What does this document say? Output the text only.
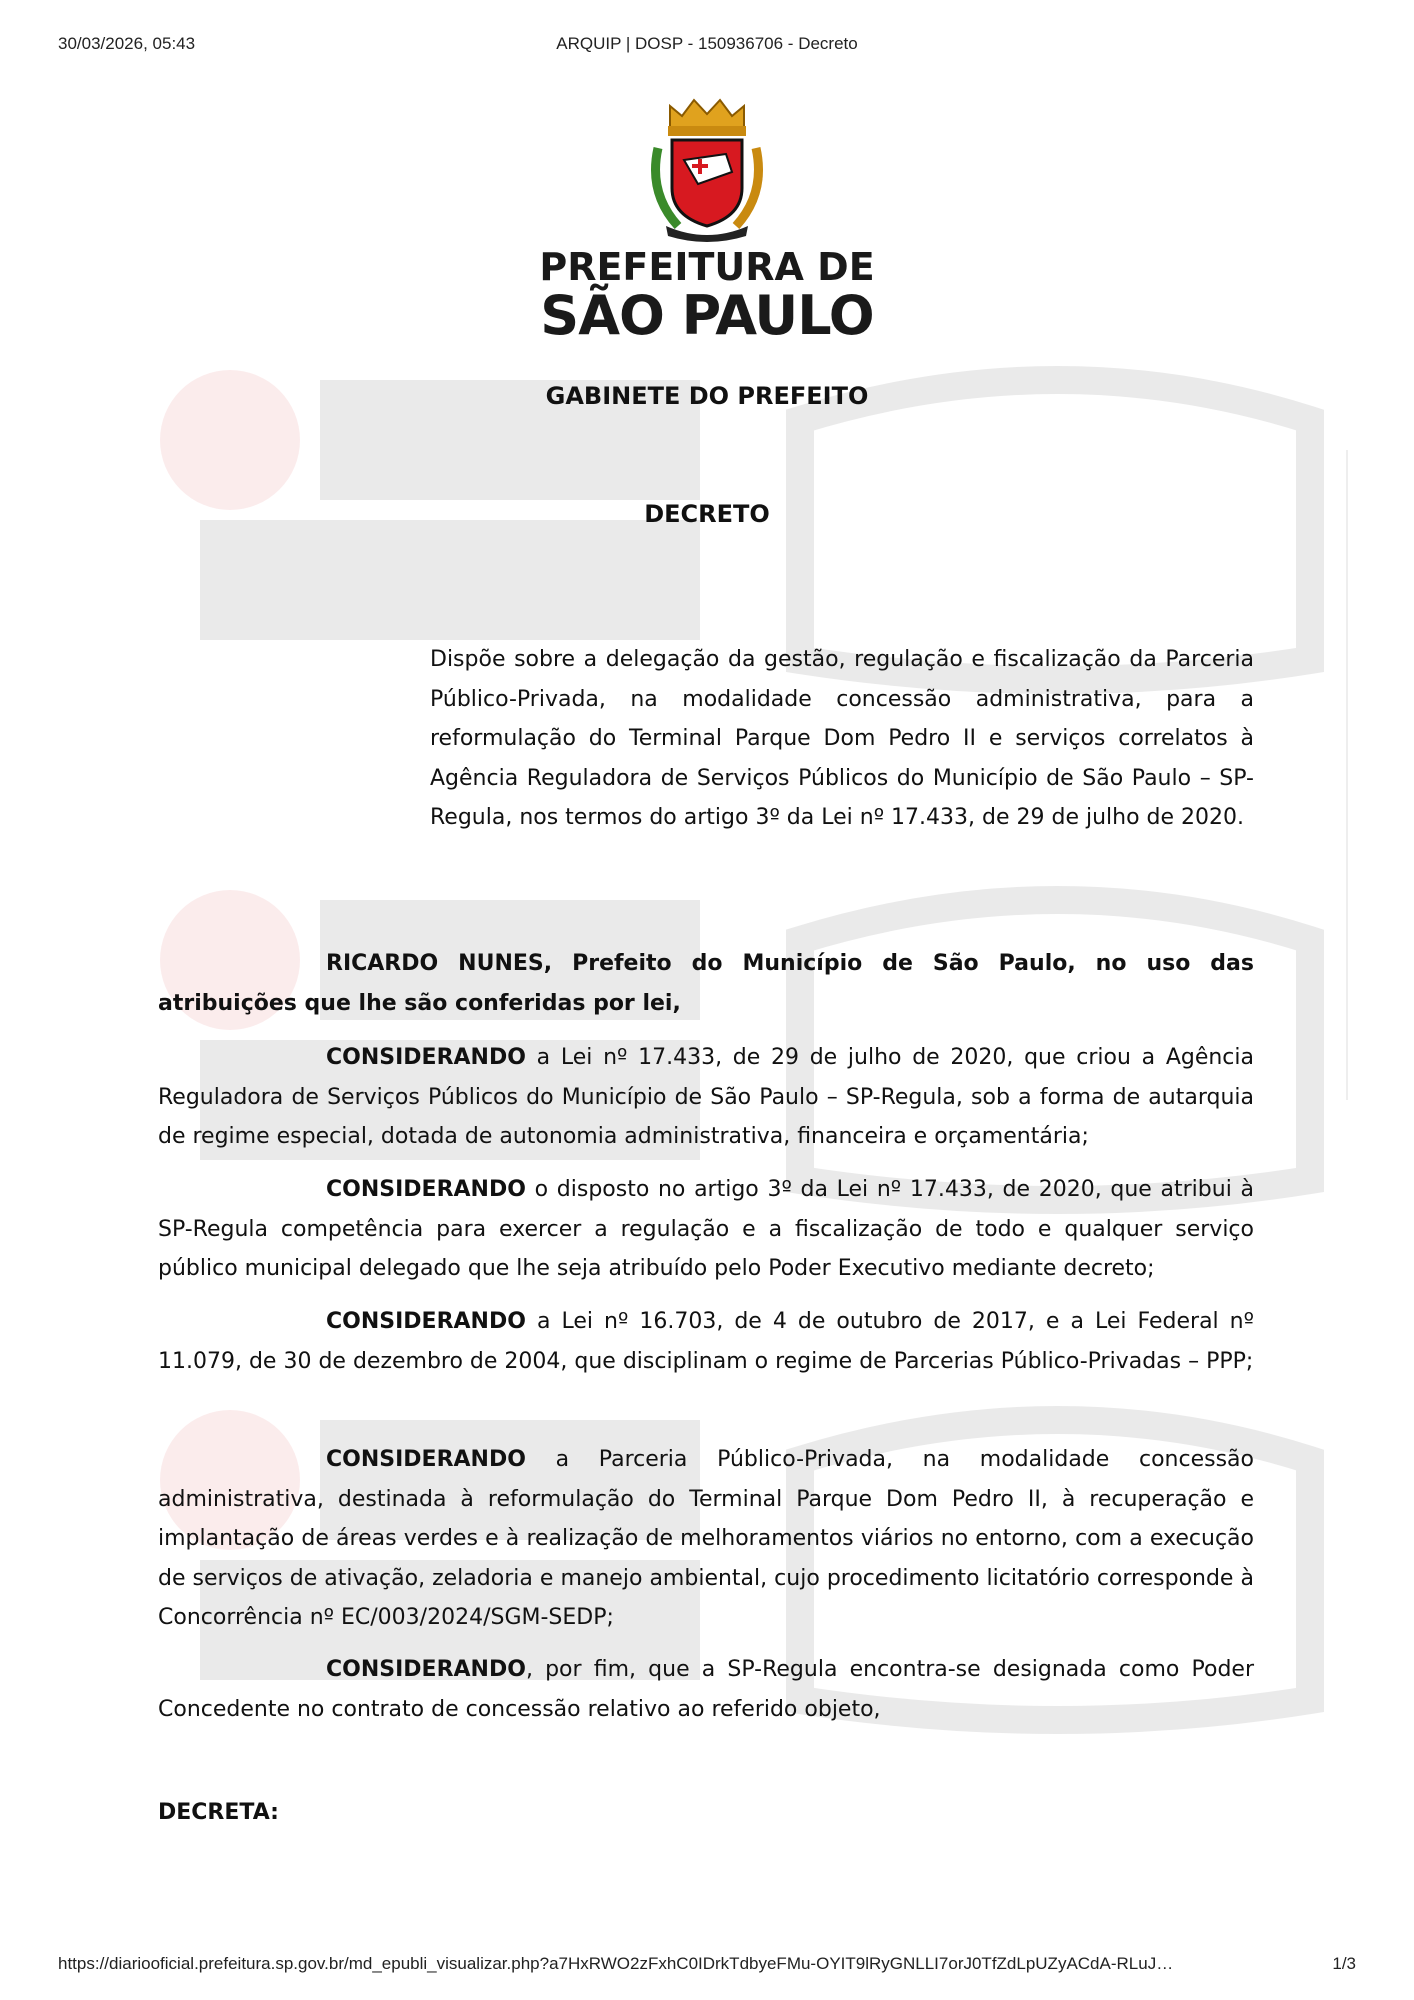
30/03/2026, 05:43	ARQUIP | DOSP - 150936706 - Decreto
PREFEITURA DE
SÃO PAULO
GABINETE DO PREFEITO
DECRETO
Dispõe sobre a delegação da gestão, regulação e fiscalização da Parceria Público-Privada, na modalidade concessão administrativa, para a reformulação do Terminal Parque Dom Pedro II e serviços correlatos à Agência Reguladora de Serviços Públicos do Município de São Paulo – SP-Regula, nos termos do artigo 3º da Lei nº 17.433, de 29 de julho de 2020.

RICARDO NUNES, Prefeito do Município de São Paulo, no uso das atribuições que lhe são conferidas por lei,

CONSIDERANDO a Lei nº 17.433, de 29 de julho de 2020, que criou a Agência Reguladora de Serviços Públicos do Município de São Paulo – SP-Regula, sob a forma de autarquia de regime especial, dotada de autonomia administrativa, financeira e orçamentária;

CONSIDERANDO o disposto no artigo 3º da Lei nº 17.433, de 2020, que atribui à SP-Regula competência para exercer a regulação e a fiscalização de todo e qualquer serviço público municipal delegado que lhe seja atribuído pelo Poder Executivo mediante decreto;

CONSIDERANDO a Lei nº 16.703, de 4 de outubro de 2017, e a Lei Federal nº 11.079, de 30 de dezembro de 2004, que disciplinam o regime de Parcerias Público-Privadas – PPP;

CONSIDERANDO a Parceria Público-Privada, na modalidade concessão administrativa, destinada à reformulação do Terminal Parque Dom Pedro II, à recuperação e implantação de áreas verdes e à realização de melhoramentos viários no entorno, com a execução de serviços de ativação, zeladoria e manejo ambiental, cujo procedimento licitatório corresponde à Concorrência nº EC/003/2024/SGM-SEDP;

CONSIDERANDO, por fim, que a SP-Regula encontra-se designada como Poder Concedente no contrato de concessão relativo ao referido objeto,

DECRETA:
https://diariooficial.prefeitura.sp.gov.br/md_epubli_visualizar.php?a7HxRWO2zFxhC0IDrkTdbyeFMu-OYIT9lRyGNLLI7orJ0TfZdLpUZyACdA-RLuJ…	1/3
